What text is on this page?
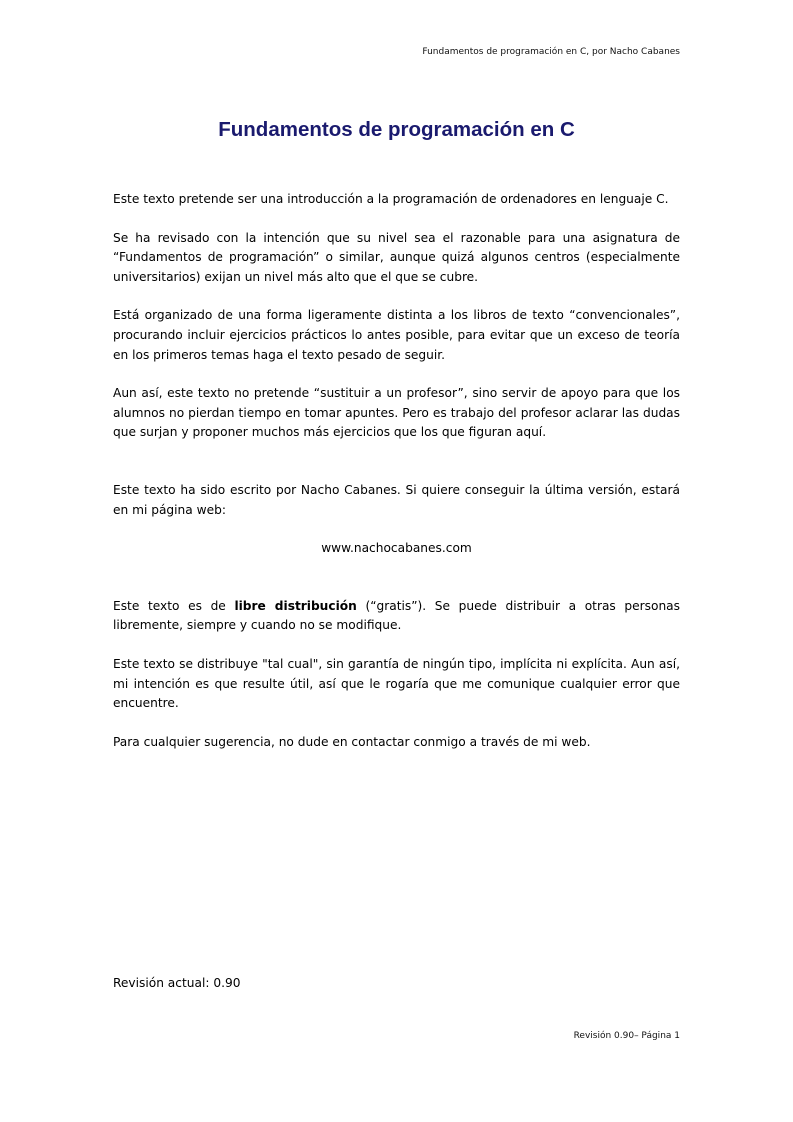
Fundamentos de programación en C, por Nacho Cabanes
Fundamentos de programación en C

Este texto pretende ser una introducción a la programación de ordenadores en lenguaje C.

Se ha revisado con la intención que su nivel sea el razonable para una asignatura de “Fundamentos de programación” o similar, aunque quizá algunos centros (especialmente universitarios) exijan un nivel más alto que el que se cubre.

Está organizado de una forma ligeramente distinta a los libros de texto “convencionales”, procurando incluir ejercicios prácticos lo antes posible, para evitar que un exceso de teoría en los primeros temas haga el texto pesado de seguir.

Aun así, este texto no pretende “sustituir a un profesor”, sino servir de apoyo para que los alumnos no pierdan tiempo en tomar apuntes. Pero es trabajo del profesor aclarar las dudas que surjan y proponer muchos más ejercicios que los que figuran aquí.

Este texto ha sido escrito por Nacho Cabanes. Si quiere conseguir la última versión, estará en mi página web:

www.nachocabanes.com

Este texto es de libre distribución (“gratis”). Se puede distribuir a otras personas libremente, siempre y cuando no se modifique.

Este texto se distribuye "tal cual", sin garantía de ningún tipo, implícita ni explícita. Aun así, mi intención es que resulte útil, así que le rogaría que me comunique cualquier error que encuentre.

Para cualquier sugerencia, no dude en contactar conmigo a través de mi web.

Revisión actual: 0.90
Revisión 0.90– Página 1
